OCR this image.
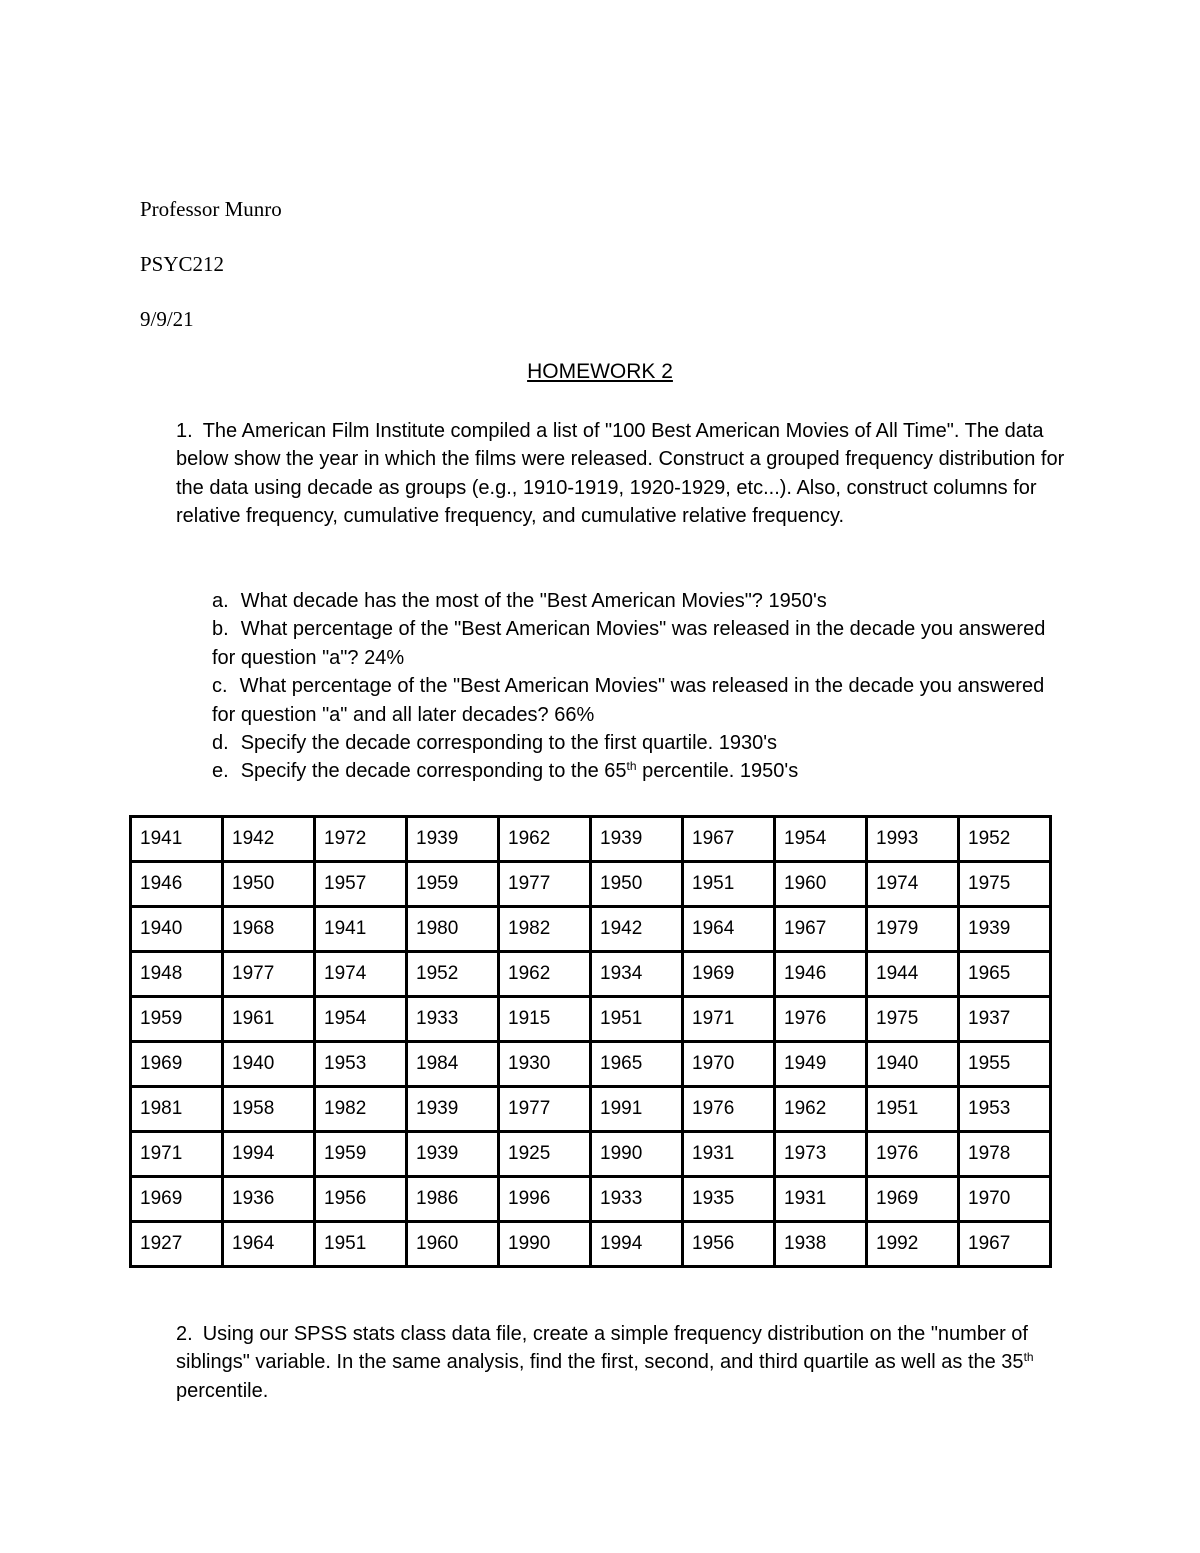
Professor Munro

PSYC212

9/9/21

HOMEWORK 2

1. The American Film Institute compiled a list of "100 Best American Movies of All Time". The data below show the year in which the films were released. Construct a grouped frequency distribution for the data using decade as groups (e.g., 1910-1919, 1920-1929, etc...). Also, construct columns for relative frequency, cumulative frequency, and cumulative relative frequency.

a. What decade has the most of the "Best American Movies"? 1950's

b. What percentage of the "Best American Movies" was released in the decade you answered for question "a"? 24%

c. What percentage of the "Best American Movies" was released in the decade you answered for question "a" and all later decades? 66%

d. Specify the decade corresponding to the first quartile. 1930's

e. Specify the decade corresponding to the 65th percentile. 1950's

1941	1942	1972	1939	1962	1939	1967	1954	1993	1952
1946	1950	1957	1959	1977	1950	1951	1960	1974	1975
1940	1968	1941	1980	1982	1942	1964	1967	1979	1939
1948	1977	1974	1952	1962	1934	1969	1946	1944	1965
1959	1961	1954	1933	1915	1951	1971	1976	1975	1937
1969	1940	1953	1984	1930	1965	1970	1949	1940	1955
1981	1958	1982	1939	1977	1991	1976	1962	1951	1953
1971	1994	1959	1939	1925	1990	1931	1973	1976	1978
1969	1936	1956	1986	1996	1933	1935	1931	1969	1970
1927	1964	1951	1960	1990	1994	1956	1938	1992	1967
2. Using our SPSS stats class data file, create a simple frequency distribution on the "number of siblings" variable. In the same analysis, find the first, second, and third quartile as well as the 35th percentile.
